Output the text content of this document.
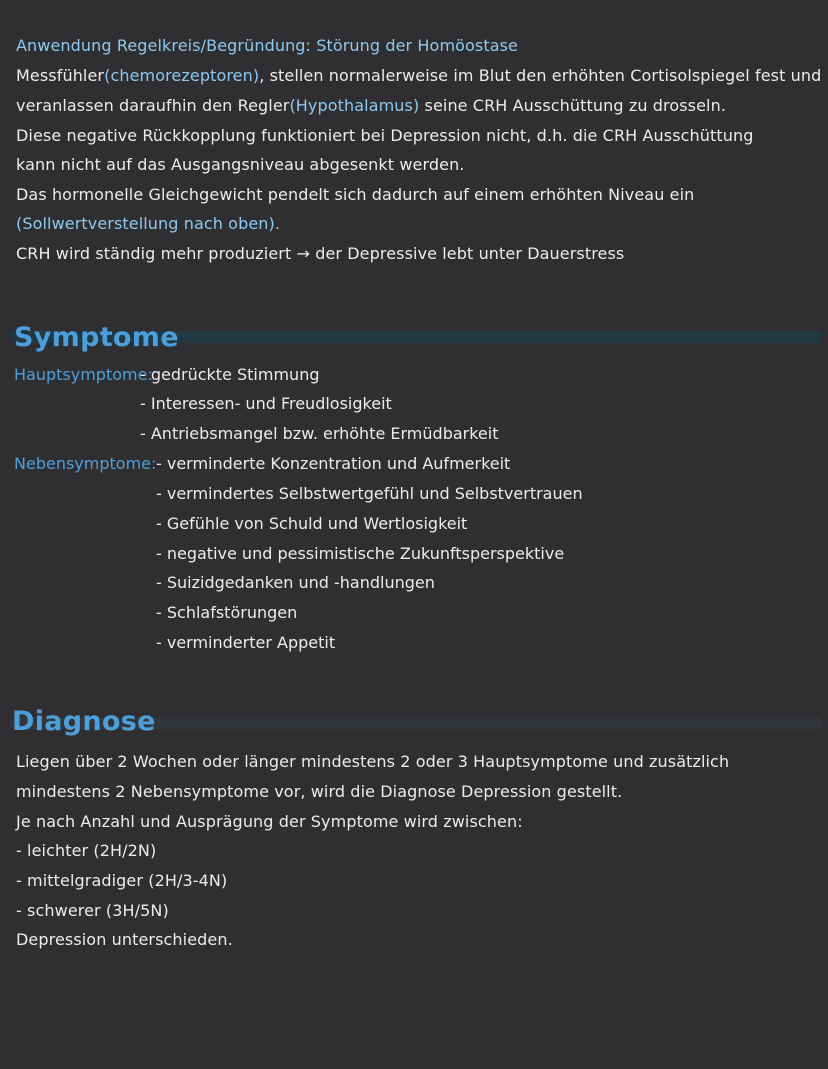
Anwendung Regelkreis/Begründung: Störung der Homöostase
Messfühler(chemorezeptoren), stellen normalerweise im Blut den erhöhten Cortisolspiegel fest und
veranlassen daraufhin den Regler(Hypothalamus) seine CRH Ausschüttung zu drosseln.
Diese negative Rückkopplung funktioniert bei Depression nicht, d.h. die CRH Ausschüttung
kann nicht auf das Ausgangsniveau abgesenkt werden.
Das hormonelle Gleichgewicht pendelt sich dadurch auf einem erhöhten Niveau ein
(Sollwertverstellung nach oben).
CRH wird ständig mehr produziert → der Depressive lebt unter Dauerstress
Symptome
Hauptsymptome:
- gedrückte Stimmung
- Interessen- und Freudlosigkeit
- Antriebsmangel bzw. erhöhte Ermüdbarkeit
Nebensymptome: - verminderte Konzentration und Aufmerkeit
- vermindertes Selbstwertgefühl und Selbstvertrauen
- Gefühle von Schuld und Wertlosigkeit
- negative und pessimistische Zukunftsperspektive
- Suizidgedanken und -handlungen
- Schlafstörungen
- verminderter Appetit
Diagnose
Liegen über 2 Wochen oder länger mindestens 2 oder 3 Hauptsymptome und zusätzlich
mindestens 2 Nebensymptome vor, wird die Diagnose Depression gestellt.
Je nach Anzahl und Ausprägung der Symptome wird zwischen:
- leichter (2H/2N)
- mittelgradiger (2H/3-4N)
- schwerer (3H/5N)
Depression unterschieden.
